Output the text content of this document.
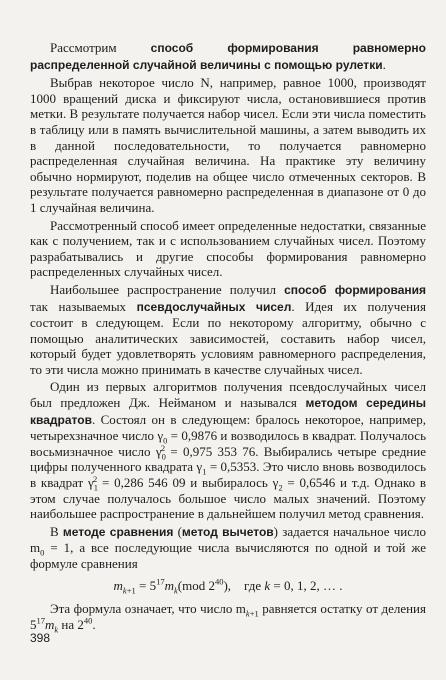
Рассмотрим способ формирования равномерно распределенной случайной величины с помощью рулетки.

Выбрав некоторое число N, например, равное 1000, производят 1000 вращений диска и фиксируют числа, остановившиеся против метки. В результате получается набор чисел. Если эти числа поместить в таблицу или в память вычислительной машины, а затем выводить их в данной последовательности, то получается равномерно распределенная случайная величина. На практике эту величину обычно нормируют, поделив на общее число отмеченных секторов. В результате получается равномерно распределенная в диапазоне от 0 до 1 случайная величина.

Рассмотренный способ имеет определенные недостатки, связанные как с получением, так и с использованием случайных чисел. Поэтому разрабатывались и другие способы формирования равномерно распределенных случайных чисел.

Наибольшее распространение получил способ формирования так называемых псевдослучайных чисел. Идея их получения состоит в следующем. Если по некоторому алгоритму, обычно с помощью аналитических зависимостей, составить набор чисел, который будет удовлетворять условиям равномерного распределения, то эти числа можно принимать в качестве случайных чисел.

Один из первых алгоритмов получения псевдослучайных чисел был предложен Дж. Нейманом и назывался методом середины квадратов. Состоял он в следующем: бралось некоторое, например, четырехзначное число $\gamma_0 = 0,9876$ и возводилось в квадрат. Получалось восьмизначное число $\gamma_0^2 = 0,975$ 353 76. Выбирались четыре средние цифры полученного квадрата $\gamma_1 = 0,5353$. Это число вновь возводилось в квадрат $\gamma_1^2 = 0,286$ 546 09 и выбиралось $\gamma_2 = 0,6546$ и т.д. Однако в этом случае получалось большое число малых значений. Поэтому наибольшее распространение в дальнейшем получил метод сравнения.

В методе сравнения (метод вычетов) задается начальное число $m_0 = 1$, а все последующие числа вычисляются по одной и той же формуле сравнения

$m_{k+1} = 5^{17}m_k(mod$ $2^{40}$),    где k = 0, 1, 2, … .

Эта формула означает, что число $m_{k+1}$ равняется остатку от деления $5^{17}m_k$ на $2^{40}$.

398
